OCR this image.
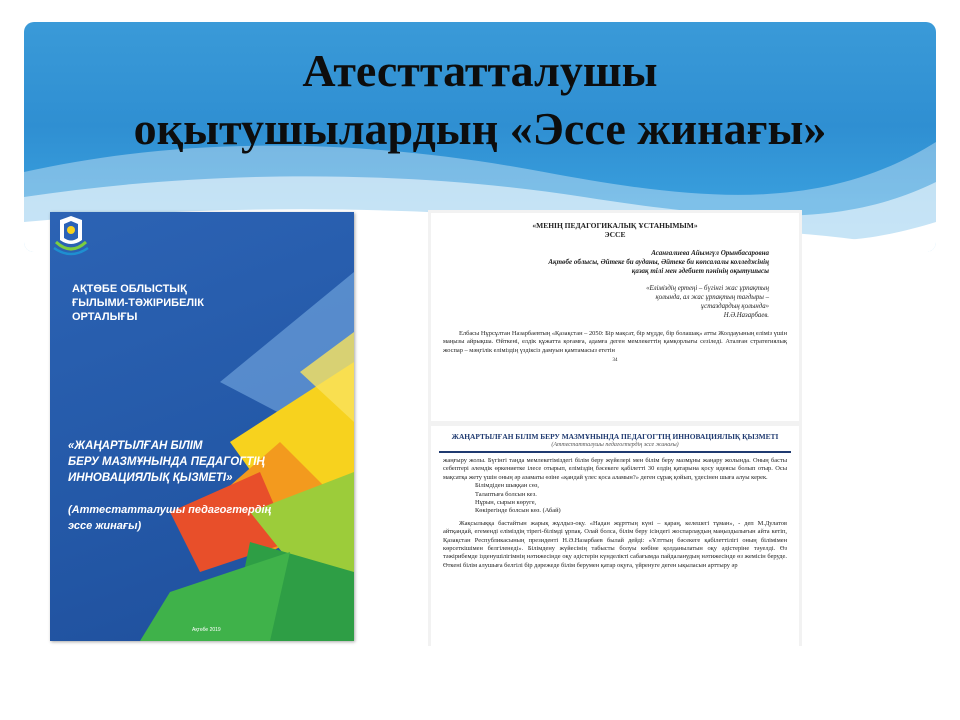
Атесттатталушы
оқытушылардың «Эссе жинағы»

АҚТӨБЕ ОБЛЫСТЫҚ
ҒЫЛЫМИ-ТӘЖІРИБЕЛІК
ОРТАЛЫҒЫ

«ЖАҢАРТЫЛҒАН БІЛІМ
БЕРУ МАЗМҰНЫНДА ПЕДАГОГТІҢ
ИННОВАЦИЯЛЫҚ ҚЫЗМЕТІ»

(Аттестатталушы педагогтердің
эссе жинағы)
Ақтөбе 2019
«МЕНІҢ ПЕДАГОГИКАЛЫҚ ҰСТАНЫМЫМ»
ЭССЕ
Асанғалиева Айымгүл Орынбасаровна
Ақтөбе облысы, Әйтеке би ауданы, Әйтеке би көпсалалы колледжінің
қазақ тілі мен әдебиет пәнінің оқытушысы
«Еліміздің ертеңі – бүгінгі жас ұрпақтың
қолында, ал жас ұрпақтың тағдыры –
ұстаздардың қолында»
Н.Ә.Назарбаев.
Елбасы Нұрсұлтан Назарбаевтың «Қазақстан – 2050: Бір мақсат, бір мүдде, бір болашақ» атты Жолдауының еліміз үшін маңызы айрықша. Өйткені, елдік құжатта қоғамға, адамға деген мемлекеттің қамқорлығы сезіледі. Аталған стратегиялық жоспар – мәңгілік еліміздің үздіксіз дамуын қамтамасыз ететін
34
ЖАҢАРТЫЛҒАН БІЛІМ БЕРУ МАЗМҰНЫНДА ПЕДАГОГТІҢ ИННОВАЦИЯЛЫҚ ҚЫЗМЕТІ
(Аттестатталушы педагогтердің эссе жинағы)
жаңғыру жолы. Бүгінгі таңда мемлекетіміздегі білім беру жүйелері мен білім беру мазмұны жаңару жолында. Оның басты себептері әлемдік өркениетке ілесе отырып, еліміздің бәсекеге қабілетті 30 елдің қатарына қосу идеясы болып отыр. Осы мақсатқа жету үшін оның әр азаматы өзіне «қандай үлес қоса аламын?» деген сұрақ қойып, үдесінен шыға алуы керек.
Білімдіден шыққан сөз,
Талаптыға болсын кез.
Нұрын, сырын көруге,
Көкірегінде болсын көз. (Абай)
Жақсылыққа бастайтын жарық жұлдыз-оқу. «Надан жұрттың күні – қараң, келешегі тұман», - деп М.Дулатов айтқандай, егеменді еліміздің тірегі-білімді ұрпақ. Олай болса, білім беру ісіндегі жоспарлаудың маңыздылығын айта кетіп, Қазақстан Республикасының президенті Н.Ә.Назарбаев былай дейді: «Ұлттың бәсекеге қабілеттілігі оның білімімен көрсеткішімен белгіленеді». Білімдену жүйесінің табысты болуы көбіне қолданылатын оқу әдістеріне тәуелді. Өз тәжірибемде ізденушілігімнің нәтижесінде оқу әдістерін күнделікті сабағымда пайдаланудың нәтижесінде өз жемісін беруде. Өткені білім алушыға белгілі бір дәрежеде білім берумен қатар оқуға, үйренуге деген ықыласын арттыру әр
